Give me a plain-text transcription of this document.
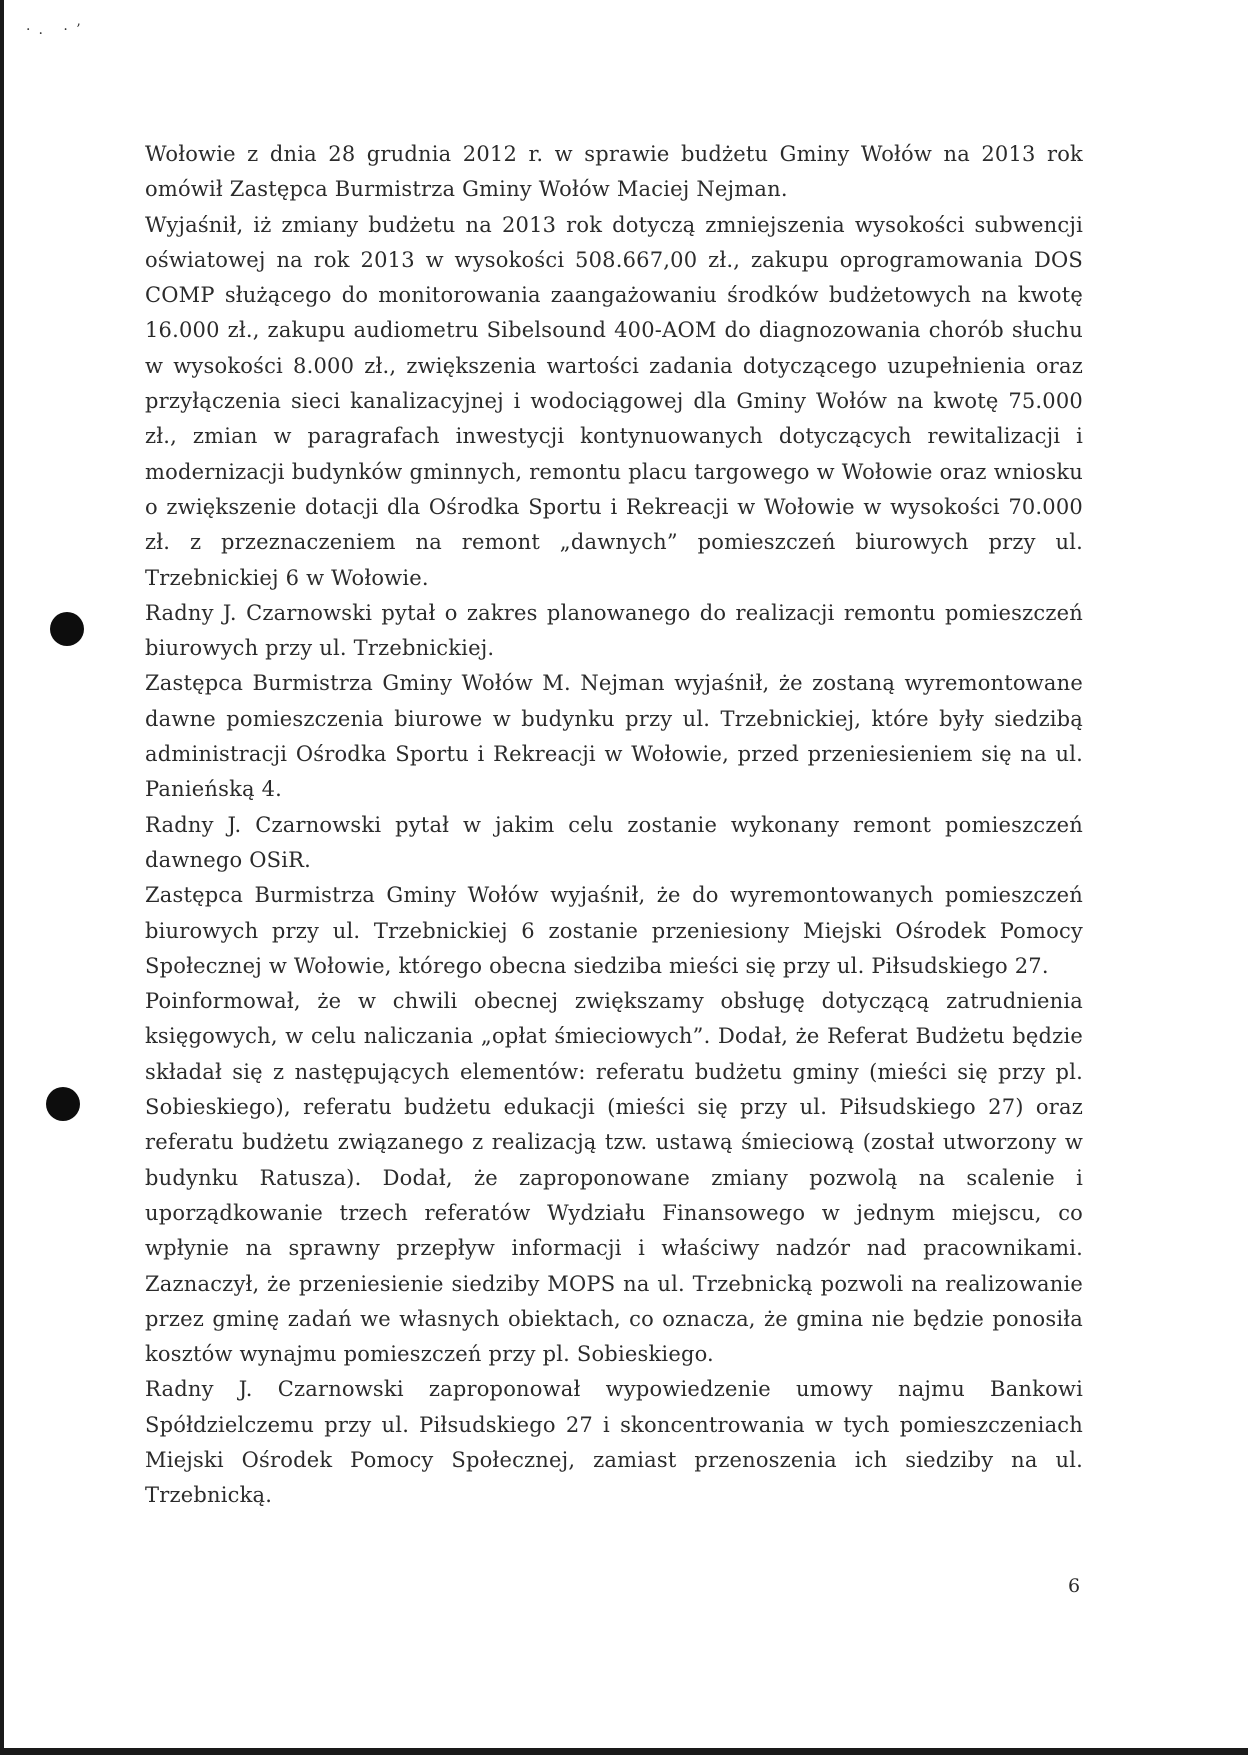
·. ·ʼ

Wołowie z dnia 28 grudnia 2012 r. w sprawie budżetu Gminy Wołów na 2013 rok omówił Zastępca Burmistrza Gminy Wołów Maciej Nejman.

Wyjaśnił, iż zmiany budżetu na 2013 rok dotyczą zmniejszenia wysokości subwencji oświatowej na rok 2013 w wysokości 508.667,00 zł., zakupu oprogramowania DOS COMP służącego do monitorowania zaangażowaniu środków budżetowych na kwotę 16.000 zł., zakupu audiometru Sibelsound 400-AOM do diagnozowania chorób słuchu w wysokości 8.000 zł., zwiększenia wartości zadania dotyczącego uzupełnienia oraz przyłączenia sieci kanalizacyjnej i wodociągowej dla Gminy Wołów na kwotę 75.000 zł., zmian w paragrafach inwestycji kontynuowanych dotyczących rewitalizacji i modernizacji budynków gminnych, remontu placu targowego w Wołowie oraz wniosku o zwiększenie dotacji dla Ośrodka Sportu i Rekreacji w Wołowie w wysokości 70.000 zł. z przeznaczeniem na remont „dawnych” pomieszczeń biurowych przy ul. Trzebnickiej 6 w Wołowie.

Radny J. Czarnowski pytał o zakres planowanego do realizacji remontu pomieszczeń biurowych przy ul. Trzebnickiej.

Zastępca Burmistrza Gminy Wołów M. Nejman wyjaśnił, że zostaną wyremontowane dawne pomieszczenia biurowe w budynku przy ul. Trzebnickiej, które były siedzibą administracji Ośrodka Sportu i Rekreacji w Wołowie, przed przeniesieniem się na ul. Panieńską 4.

Radny J. Czarnowski pytał w jakim celu zostanie wykonany remont pomieszczeń dawnego OSiR.

Zastępca Burmistrza Gminy Wołów wyjaśnił, że do wyremontowanych pomieszczeń biurowych przy ul. Trzebnickiej 6 zostanie przeniesiony Miejski Ośrodek Pomocy Społecznej w Wołowie, którego obecna siedziba mieści się przy ul. Piłsudskiego 27.

Poinformował, że w chwili obecnej zwiększamy obsługę dotyczącą zatrudnienia księgowych, w celu naliczania „opłat śmieciowych”. Dodał, że Referat Budżetu będzie składał się z następujących elementów: referatu budżetu gminy (mieści się przy pl. Sobieskiego), referatu budżetu edukacji (mieści się przy ul. Piłsudskiego 27) oraz referatu budżetu związanego z realizacją tzw. ustawą śmieciową (został utworzony w budynku Ratusza). Dodał, że zaproponowane zmiany pozwolą na scalenie i uporządkowanie trzech referatów Wydziału Finansowego w jednym miejscu, co wpłynie na sprawny przepływ informacji i właściwy nadzór nad pracownikami. Zaznaczył, że przeniesienie siedziby MOPS na ul. Trzebnicką pozwoli na realizowanie przez gminę zadań we własnych obiektach, co oznacza, że gmina nie będzie ponosiła kosztów wynajmu pomieszczeń przy pl. Sobieskiego.

Radny J. Czarnowski zaproponował wypowiedzenie umowy najmu Bankowi Spółdzielczemu przy ul. Piłsudskiego 27 i skoncentrowania w tych pomieszczeniach Miejski Ośrodek Pomocy Społecznej, zamiast przenoszenia ich siedziby na ul. Trzebnicką.

6
